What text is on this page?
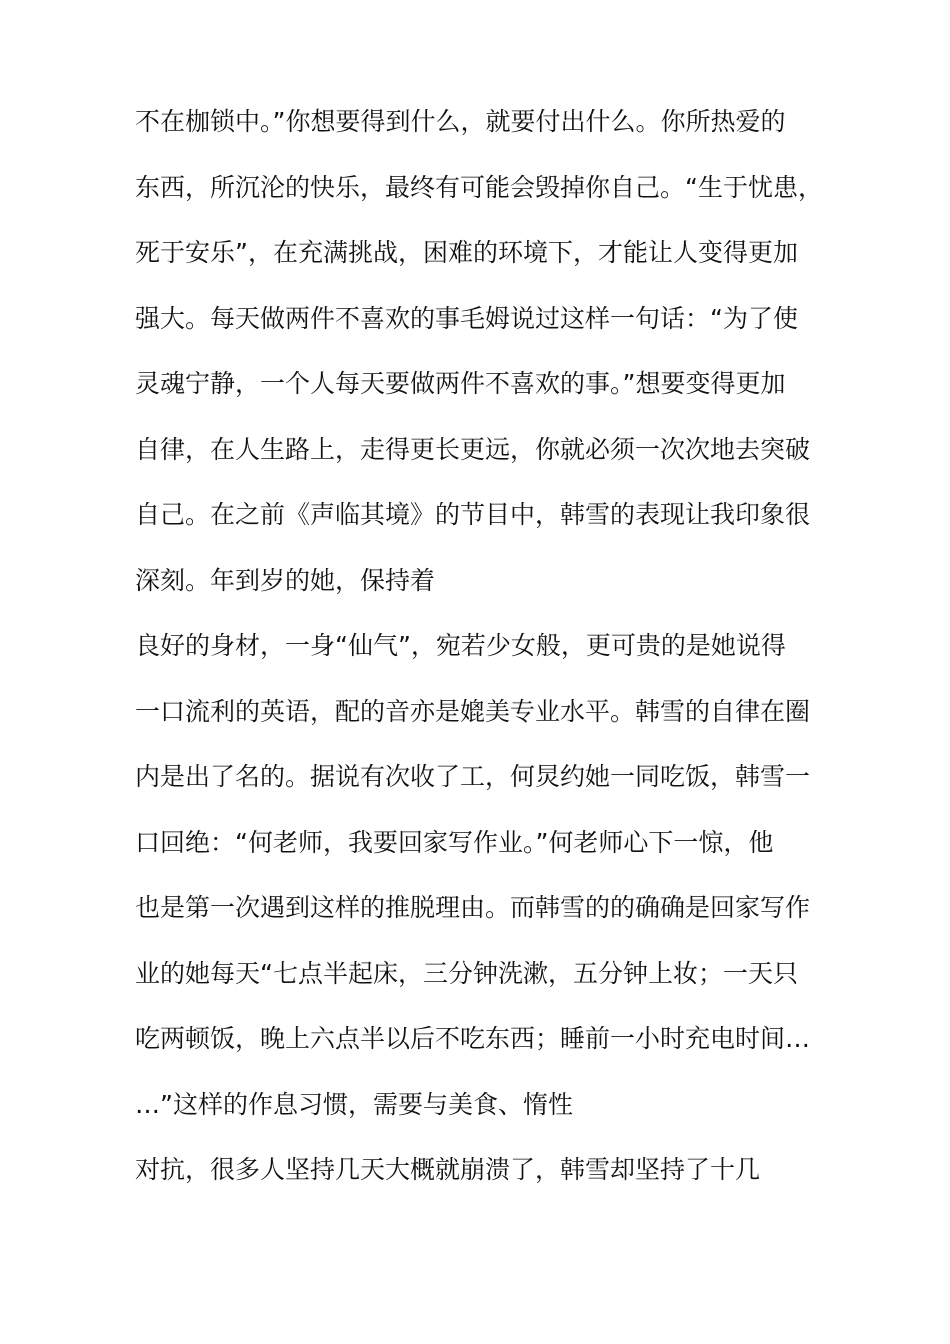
不在枷锁中。”你想要得到什么，就要付出什么。你所热爱的
东西，所沉沦的快乐，最终有可能会毁掉你自己。“生于忧患，
死于安乐”，在充满挑战，困难的环境下，才能让人变得更加
强大。每天做两件不喜欢的事毛姆说过这样一句话：“为了使
灵魂宁静，一个人每天要做两件不喜欢的事。”想要变得更加
自律，在人生路上，走得更长更远，你就必须一次次地去突破
自己。在之前《声临其境》的节目中，韩雪的表现让我印象很
深刻。年到岁的她，保持着
良好的身材，一身“仙气”，宛若少女般，更可贵的是她说得
一口流利的英语，配的音亦是媲美专业水平。韩雪的自律在圈
内是出了名的。据说有次收了工，何炅约她一同吃饭，韩雪一
口回绝：“何老师，我要回家写作业。”何老师心下一惊，他
也是第一次遇到这样的推脱理由。而韩雪的的确确是回家写作
业的她每天“七点半起床，三分钟洗漱，五分钟上妆；一天只
吃两顿饭，晚上六点半以后不吃东西；睡前一小时充电时间…
…”这样的作息习惯，需要与美食、惰性
对抗，很多人坚持几天大概就崩溃了，韩雪却坚持了十几
